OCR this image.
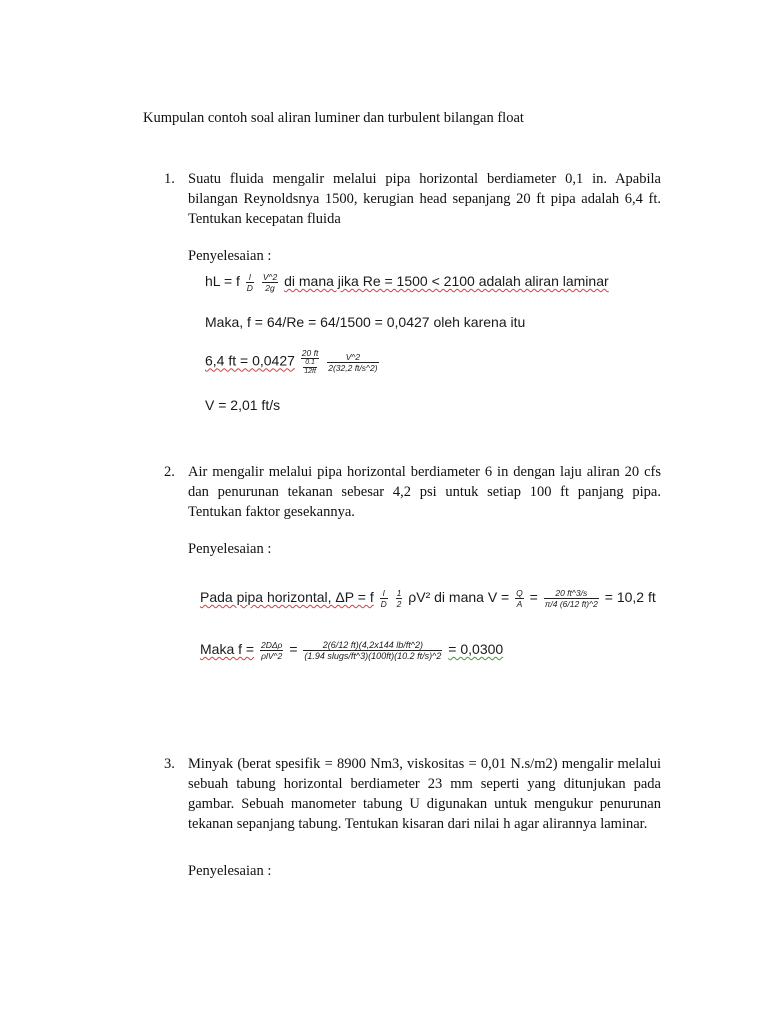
Kumpulan contoh soal aliran luminer dan turbulent bilangan float
1. Suatu fluida mengalir melalui pipa horizontal berdiameter 0,1 in. Apabila bilangan Reynoldsnya 1500, kerugian head sepanjang 20 ft pipa adalah 6,4 ft. Tentukan kecepatan fluida
Penyelesaian :
hL = f $\frac{l}{D}$
$\frac{V\^{}2}{2g}$ di mana jika Re = 1500 < 2100 adalah aliran laminar
Maka, f = 64/Re = 64/1500 = 0,0427 oleh karena itu
6,4 ft = $0,0427 \frac{20 ft}{\frac{0.1}{12ft}}$
$\frac{V\^{}2}{2(32,2 ft/s\^{}2)}$
V = 2,01 ft/s
2. Air mengalir melalui pipa horizontal berdiameter 6 in dengan laju aliran 20 cfs dan penurunan tekanan sebesar 4,2 psi untuk setiap 100 ft panjang pipa. Tentukan faktor gesekannya.
Penyelesaian :
Pada pipa horizontal, ΔP = f $\frac{l}{D}$
$\frac{1}{2} \rho V^2$ di mana $V = \frac{Q}{A} = \frac{20 ft\^{}3/s}{\pi/4 (6/12 ft)\^{}2} = 10,2$ ft
Maka $f = \frac{\text{2DΔρ}}{\text{ρlV\textasciicircum{}2}} = \frac{2(6/12 ft)(4,2x144 lb/ft\^{}2)}{\text{(1.94 slugs/ft\textasciicircum{}3)(100ft)(10.2 ft/s)\textasciicircum{}2}} = 0,0300$
3. Minyak (berat spesifik = 8900 Nm3, viskositas = 0,01 N.s/m2) mengalir melalui sebuah tabung horizontal berdiameter 23 mm seperti yang ditunjukan pada gambar. Sebuah manometer tabung U digunakan untuk mengukur penurunan tekanan sepanjang tabung. Tentukan kisaran dari nilai h agar alirannya laminar.
Penyelesaian :
